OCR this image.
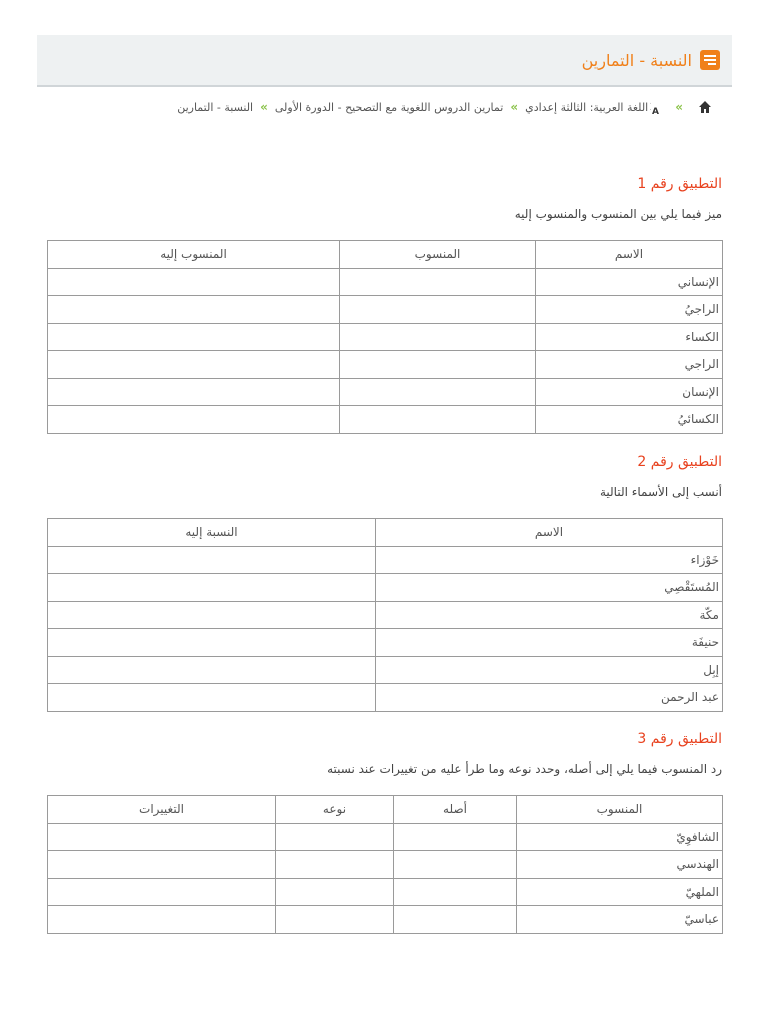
النسبة - التمارين
»
A
اللغة العربية: الثالثة إعدادي
»
تمارين الدروس اللغوية مع التصحيح - الدورة الأولى
»
النسبة - التمارين
التطبيق رقم 1
ميز فيما يلي بين المنسوب والمنسوب إليه
الاسم	المنسوب	المنسوب إليه
الإنساني		
الراجيُ		
الكساء		
الراجي		
الإنسان		
الكسائيُ		
التطبيق رقم 2
أنسب إلى الأسماء التالية
الاسم	النسبة إليه
خَوْزاء	
المُستَقْصِي	
مكّة	
حنيفَة	
إبِل	
عبد الرحمن	
التطبيق رقم 3
رد المنسوب فيما يلي إلى أصله، وحدد نوعه وما طرأ عليه من تغييرات عند نسبته
المنسوب	أصله	نوعه	التغييرات
الشافوِيّ			
الهندسي			
الملهيّ			
عباسيّ			
